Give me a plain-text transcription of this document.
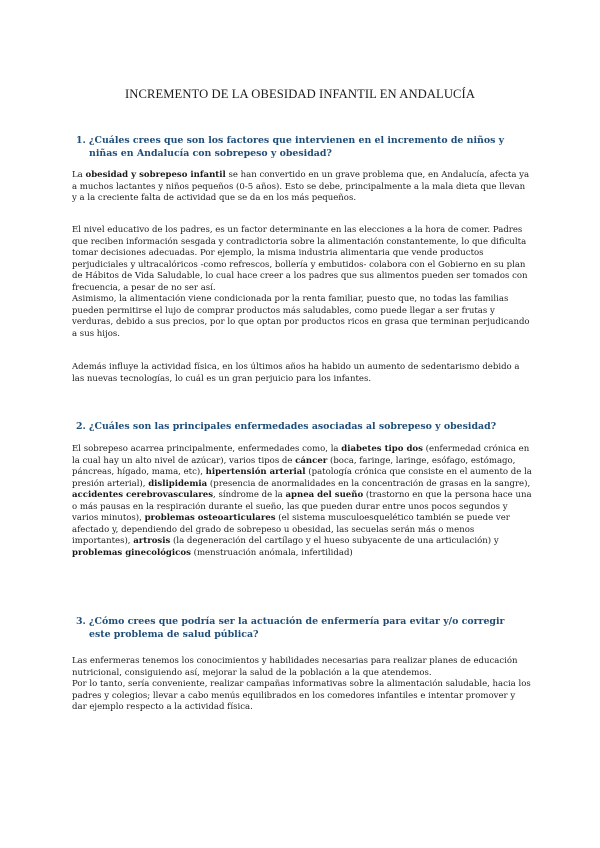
INCREMENTO DE LA OBESIDAD INFANTIL EN ANDALUCÍA
1. ¿Cuáles crees que son los factores que intervienen en el incremento de niños y niñas en Andalucía con sobrepeso y obesidad?
La obesidad y sobrepeso infantil se han convertido en un grave problema que, en Andalucía, afecta ya a muchos lactantes y niños pequeños (0-5 años). Esto se debe, principalmente a la mala dieta que llevan y a la creciente falta de actividad que se da en los más pequeños.
El nivel educativo de los padres, es un factor determinante en las elecciones a la hora de comer. Padres que reciben información sesgada y contradictoria sobre la alimentación constantemente, lo que dificulta tomar decisiones adecuadas. Por ejemplo, la misma industria alimentaria que vende productos perjudiciales y ultracalóricos -como refrescos, bollería y embutidos- colabora con el Gobierno en su plan de Hábitos de Vida Saludable, lo cual hace creer a los padres que sus alimentos pueden ser tomados con frecuencia, a pesar de no ser así.
Asimismo, la alimentación viene condicionada por la renta familiar, puesto que, no todas las familias pueden permitirse el lujo de comprar productos más saludables, como puede llegar a ser frutas y verduras, debido a sus precios, por lo que optan por productos ricos en grasa que terminan perjudicando a sus hijos.
Además influye la actividad física, en los últimos años ha habido un aumento de sedentarismo debido a las nuevas tecnologías, lo cuál es un gran perjuicio para los infantes.
2. ¿Cuáles son las principales enfermedades asociadas al sobrepeso y obesidad?
El sobrepeso acarrea principalmente, enfermedades como, la diabetes tipo dos (enfermedad crónica en la cual hay un alto nivel de azúcar), varios tipos de cáncer (boca, faringe, laringe, esófago, estómago, páncreas, hígado, mama, etc), hipertensión arterial (patología crónica que consiste en el aumento de la presión arterial), dislipidemia (presencia de anormalidades en la concentración de grasas en la sangre), accidentes cerebrovasculares, síndrome de la apnea del sueño (trastorno en que la persona hace una o más pausas en la respiración durante el sueño, las que pueden durar entre unos pocos segundos y varios minutos), problemas osteoarticulares (el sistema musculoesquelético también se puede ver afectado y, dependiendo del grado de sobrepeso u obesidad, las secuelas serán más o menos importantes), artrosis (la degeneración del cartílago y el hueso subyacente de una articulación) y problemas ginecológicos (menstruación anómala, infertilidad)
3. ¿Cómo crees que podría ser la actuación de enfermería para evitar y/o corregir este problema de salud pública?
Las enfermeras tenemos los conocimientos y habilidades necesarias para realizar planes de educación nutricional, consiguiendo así, mejorar la salud de la población a la que atendemos.
Por lo tanto, sería conveniente, realizar campañas informativas sobre la alimentación saludable, hacia los padres y colegios; llevar a cabo menús equilibrados en los comedores infantiles e intentar promover y dar ejemplo respecto a la actividad física.
